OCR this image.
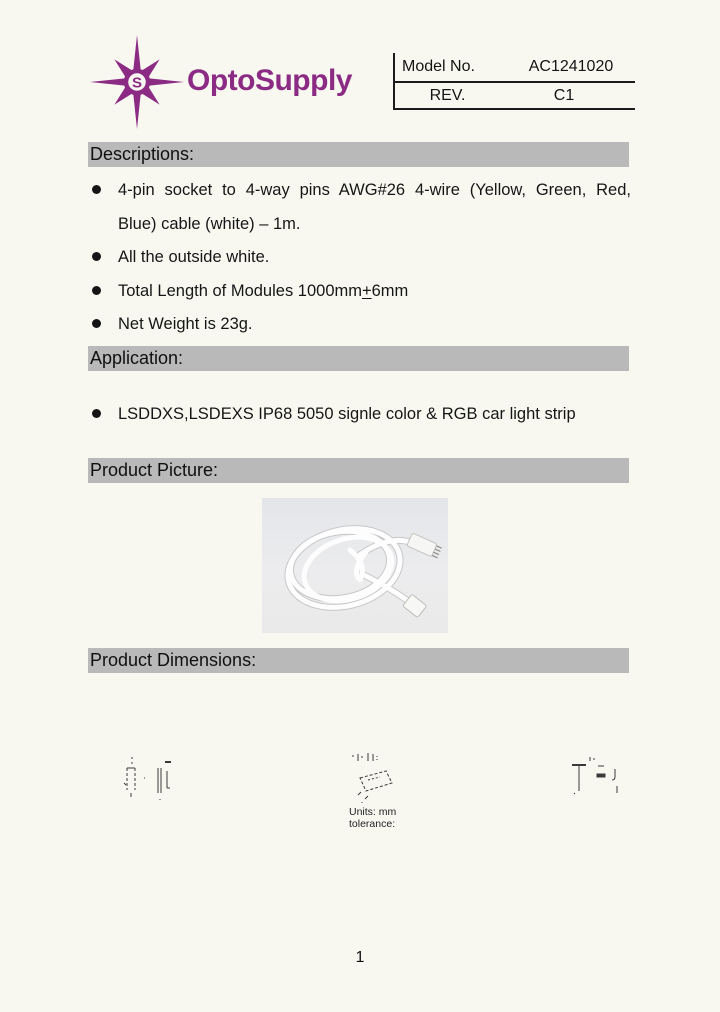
S OptoSupply	Model No.	AC1241020
REV.	C1
Descriptions:
4-pin socket to 4-way pins AWG#26 4-wire (Yellow, Green, Red,
Blue) cable (white) – 1m.
All the outside white.
Total Length of Modules 1000mm+6mm
Net Weight is 23g.
Application:
LSDDXS,LSDEXS IP68 5050 signle color & RGB car light strip
Product Picture:
Product Dimensions:
Units: mm
tolerance:
1
